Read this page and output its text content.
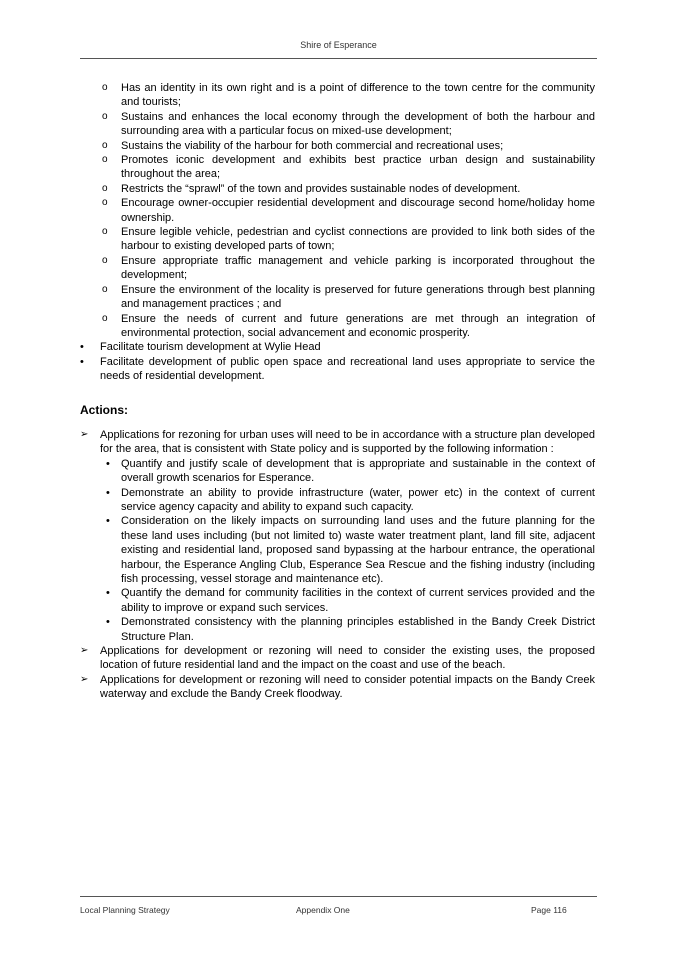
Shire of Esperance
o Has an identity in its own right and is a point of difference to the town centre for the community and tourists;
o Sustains and enhances the local economy through the development of both the harbour and surrounding area with a particular focus on mixed-use development;
o Sustains the viability of the harbour for both commercial and recreational uses;
o Promotes iconic development and exhibits best practice urban design and sustainability throughout the area;
o Restricts the “sprawl” of the town and provides sustainable nodes of development.
o Encourage owner-occupier residential development and discourage second home/holiday home ownership.
o Ensure legible vehicle, pedestrian and cyclist connections are provided to link both sides of the harbour to existing developed parts of town;
o Ensure appropriate traffic management and vehicle parking is incorporated throughout the development;
o Ensure the environment of the locality is preserved for future generations through best planning and management practices ; and
o Ensure the needs of current and future generations are met through an integration of environmental protection, social advancement and economic prosperity.
• Facilitate tourism development at Wylie Head
• Facilitate development of public open space and recreational land uses appropriate to service the needs of residential development.
Actions:
➢ Applications for rezoning for urban uses will need to be in accordance with a structure plan developed for the area, that is consistent with State policy and is supported by the following information :
• Quantify and justify scale of development that is appropriate and sustainable in the context of overall growth scenarios for Esperance.
• Demonstrate an ability to provide infrastructure (water, power etc) in the context of current service agency capacity and ability to expand such capacity.
• Consideration on the likely impacts on surrounding land uses and the future planning for the these land uses including (but not limited to) waste water treatment plant, land fill site, adjacent existing and residential land, proposed sand bypassing at the harbour entrance, the operational harbour, the Esperance Angling Club, Esperance Sea Rescue and the fishing industry (including fish processing, vessel storage and maintenance etc).
• Quantify the demand for community facilities in the context of current services provided and the ability to improve or expand such services.
• Demonstrated consistency with the planning principles established in the Bandy Creek District Structure Plan.
➢ Applications for development or rezoning will need to consider the existing uses, the proposed location of future residential land and the impact on the coast and use of the beach.
➢ Applications for development or rezoning will need to consider potential impacts on the Bandy Creek waterway and exclude the Bandy Creek floodway.
Local Planning Strategy	Appendix One	Page 116
